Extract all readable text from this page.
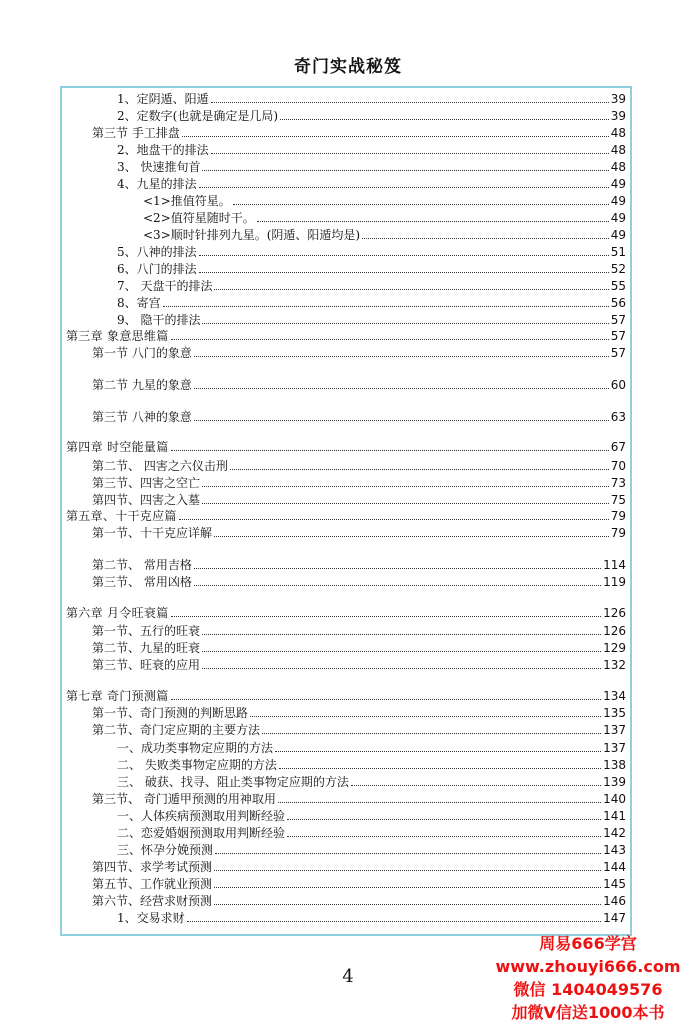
奇门实战秘笈
1、定阴遁、阳遁	39
2、定数字(也就是确定是几局)	39
第三节 手工排盘	48
2、地盘干的排法	48
3、 快速推旬首	48
4、九星的排法	49
<1>推值符星。	49
<2>值符星随时干。	49
<3>顺时针排列九星。(阴遁、阳遁均是)	49
5、八神的排法	51
6、八门的排法	52
7、 天盘干的排法	55
8、寄宫	56
9、 隐干的排法	57
第三章 象意思维篇	57
第一节 八门的象意	57
第二节 九星的象意	60
第三节 八神的象意	63
第四章 时空能量篇	67
第二节、 四害之六仪击刑	70
第三节、四害之空亡	73
第四节、四害之入墓	75
第五章、十干克应篇	79
第一节、十干克应详解	79
第二节、 常用吉格	114
第三节、 常用凶格	119
第六章 月令旺衰篇	126
第一节、五行的旺衰	126
第二节、九星的旺衰	129
第三节、旺衰的应用	132
第七章 奇门预测篇	134
第一节、奇门预测的判断思路	135
第二节、奇门定应期的主要方法	137
一、成功类事物定应期的方法	137
二、 失败类事物定应期的方法	138
三、 破获、找寻、阻止类事物定应期的方法	139
第三节、 奇门遁甲预测的用神取用	140
一、人体疾病预测取用判断经验	141
二、恋爱婚姻预测取用判断经验	142
三、怀孕分娩预测	143
第四节、求学考试预测	144
第五节、工作就业预测	145
第六节、经营求财预测	146
1、交易求财	147
4
周易666学宫
www.zhouyi666.com
微信 1404049576
加微V信送1000本书
